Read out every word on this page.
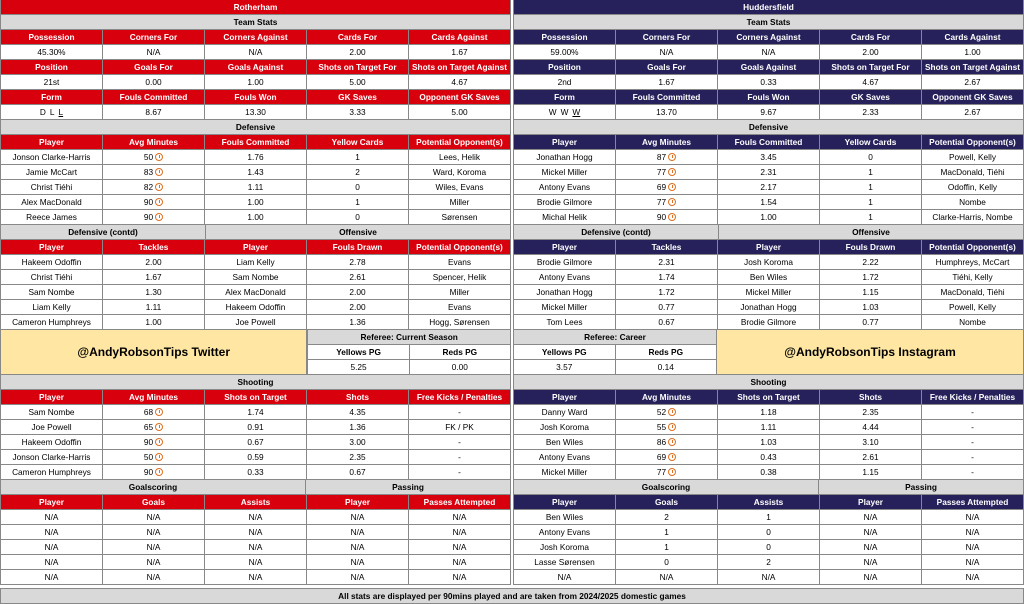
Rotherham
Team Stats
Possession	Corners For	Corners Against	Cards For	Cards Against
45.30%	N/A	N/A	2.00	1.67
Position	Goals For	Goals Against	Shots on Target For	Shots on Target Against
21st	0.00	1.00	5.00	4.67
Form	Fouls Committed	Fouls Won	GK Saves	Opponent GK Saves
D L L	8.67	13.30	3.33	5.00
Defensive
Player	Avg Minutes	Fouls Committed	Yellow Cards	Potential Opponent(s)
Jonson Clarke-Harris	50	1.76	1	Lees, Helik
Jamie McCart	83	1.43	2	Ward, Koroma
Christ Tiéhi	82	1.11	0	Wiles, Evans
Alex MacDonald	90	1.00	1	Miller
Reece James	90	1.00	0	Sørensen
Defensive (contd)	Offensive
Player	Tackles	Player	Fouls Drawn	Potential Opponent(s)
Hakeem Odoffin	2.00	Liam Kelly	2.78	Evans
Christ Tiéhi	1.67	Sam Nombe	2.61	Spencer, Helik
Sam Nombe	1.30	Alex MacDonald	2.00	Miller
Liam Kelly	1.11	Hakeem Odoffin	2.00	Evans
Cameron Humphreys	1.00	Joe Powell	1.36	Hogg, Sørensen
@AndyRobsonTips Twitter
Referee: Current Season
Yellows PG	Reds PG
5.25	0.00
Shooting
Player	Avg Minutes	Shots on Target	Shots	Free Kicks / Penalties
Sam Nombe	68	1.74	4.35	-
Joe Powell	65	0.91	1.36	FK / PK
Hakeem Odoffin	90	0.67	3.00	-
Jonson Clarke-Harris	50	0.59	2.35	-
Cameron Humphreys	90	0.33	0.67	-
Goalscoring	Passing
Player	Goals	Assists	Player	Passes Attempted
N/A	N/A	N/A	N/A	N/A
N/A	N/A	N/A	N/A	N/A
N/A	N/A	N/A	N/A	N/A
N/A	N/A	N/A	N/A	N/A
N/A	N/A	N/A	N/A	N/A
Huddersfield
Team Stats
Possession	Corners For	Corners Against	Cards For	Cards Against
59.00%	N/A	N/A	2.00	1.00
Position	Goals For	Goals Against	Shots on Target For	Shots on Target Against
2nd	1.67	0.33	4.67	2.67
Form	Fouls Committed	Fouls Won	GK Saves	Opponent GK Saves
W W W	13.70	9.67	2.33	2.67
Defensive
Player	Avg Minutes	Fouls Committed	Yellow Cards	Potential Opponent(s)
Jonathan Hogg	87	3.45	0	Powell, Kelly
Mickel Miller	77	2.31	1	MacDonald, Tiéhi
Antony Evans	69	2.17	1	Odoffin, Kelly
Brodie Gilmore	77	1.54	1	Nombe
Michal Helik	90	1.00	1	Clarke-Harris, Nombe
Defensive (contd)	Offensive
Player	Tackles	Player	Fouls Drawn	Potential Opponent(s)
Brodie Gilmore	2.31	Josh Koroma	2.22	Humphreys, McCart
Antony Evans	1.74	Ben Wiles	1.72	Tiéhi, Kelly
Jonathan Hogg	1.72	Mickel Miller	1.15	MacDonald, Tiéhi
Mickel Miller	0.77	Jonathan Hogg	1.03	Powell, Kelly
Tom Lees	0.67	Brodie Gilmore	0.77	Nombe
Referee: Career
Yellows PG	Reds PG
3.57	0.14
@AndyRobsonTips Instagram
Shooting
Player	Avg Minutes	Shots on Target	Shots	Free Kicks / Penalties
Danny Ward	52	1.18	2.35	-
Josh Koroma	55	1.11	4.44	-
Ben Wiles	86	1.03	3.10	-
Antony Evans	69	0.43	2.61	-
Mickel Miller	77	0.38	1.15	-
Goalscoring	Passing
Player	Goals	Assists	Player	Passes Attempted
Ben Wiles	2	1	N/A	N/A
Antony Evans	1	0	N/A	N/A
Josh Koroma	1	0	N/A	N/A
Lasse Sørensen	0	2	N/A	N/A
N/A	N/A	N/A	N/A	N/A
All stats are displayed per 90mins played and are taken from 2024/2025 domestic games
